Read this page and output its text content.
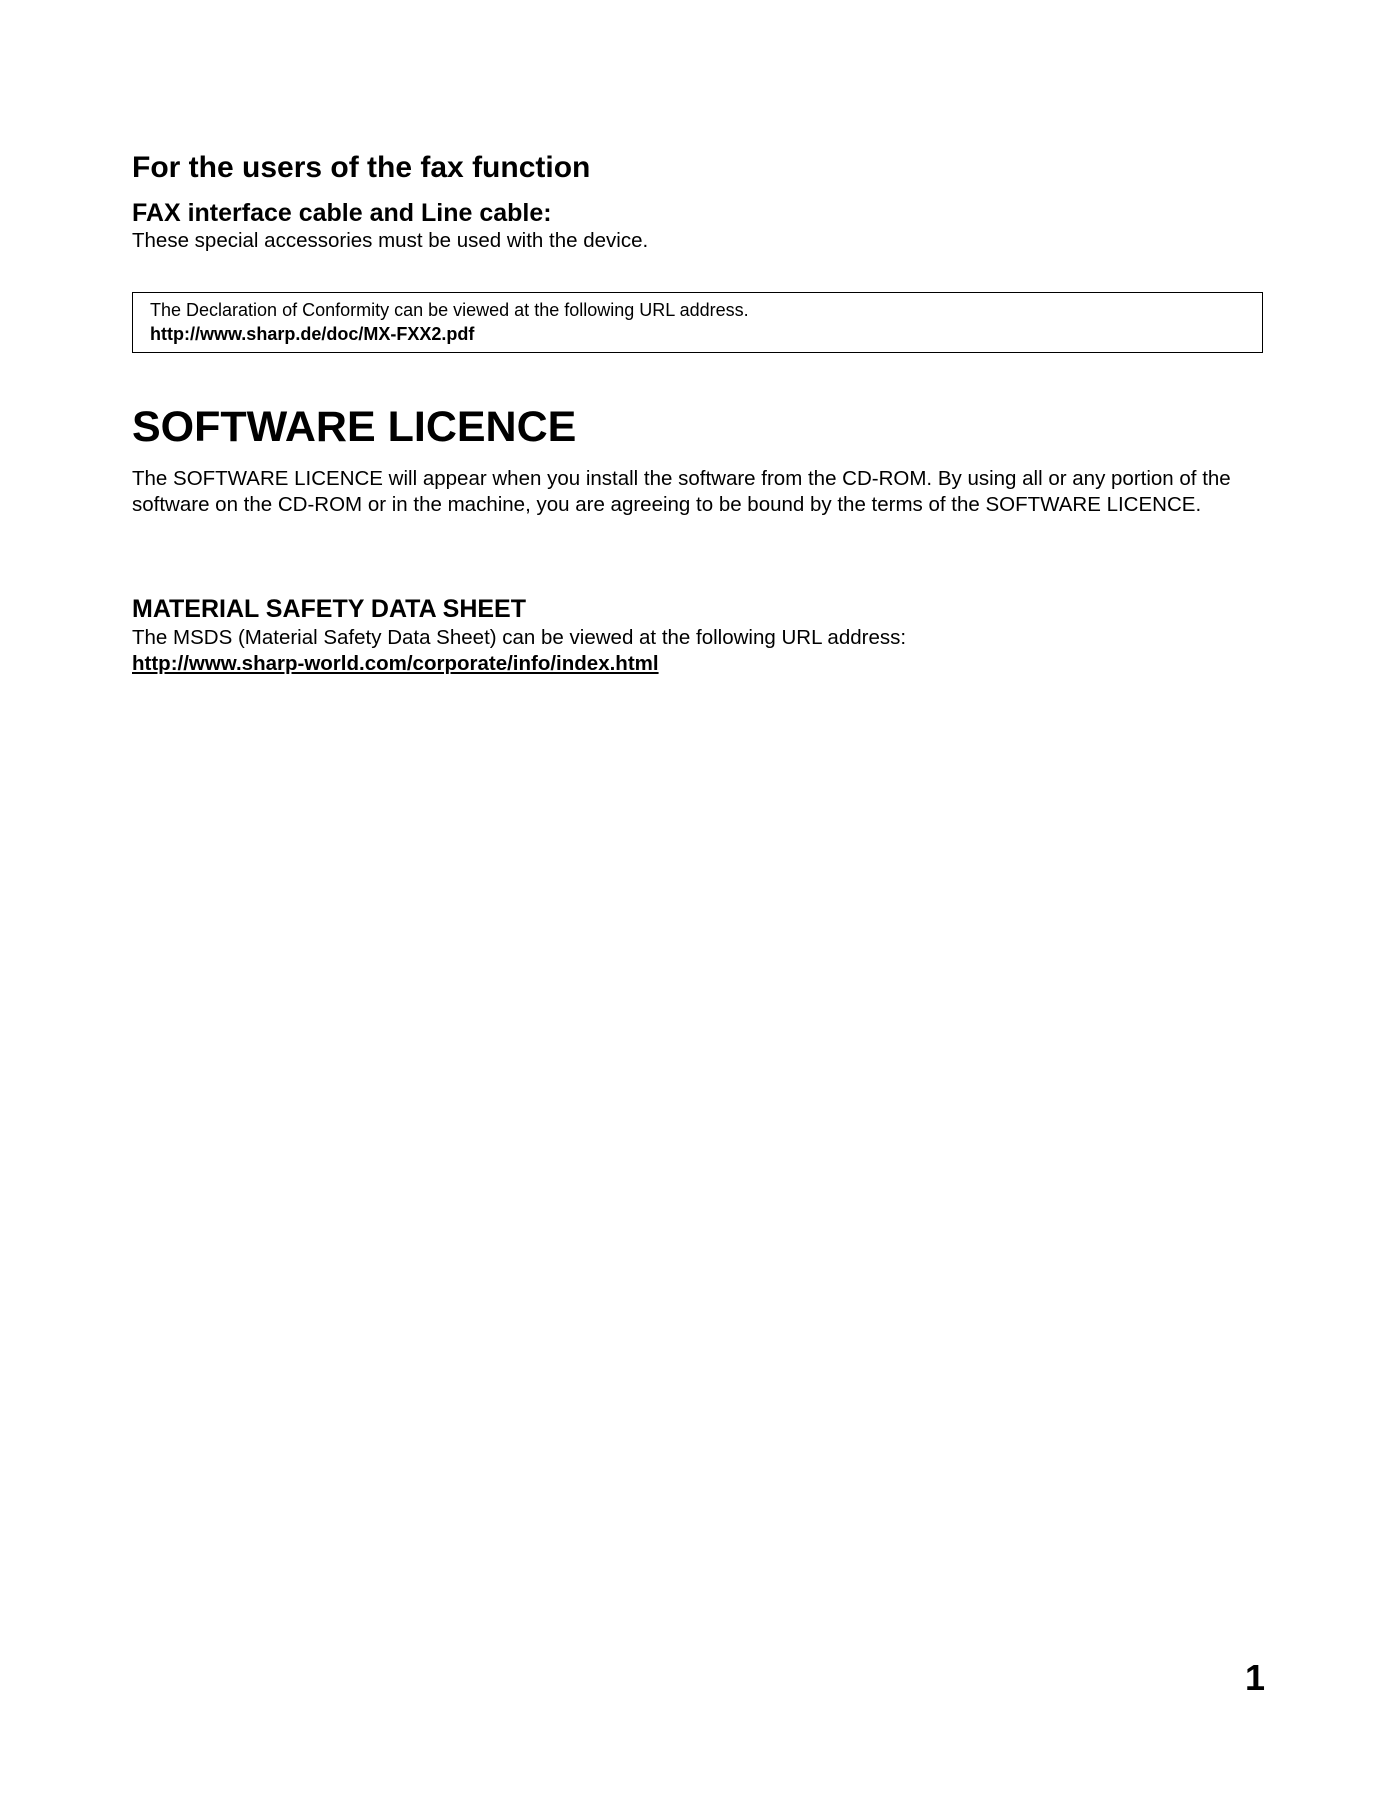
For the users of the fax function
FAX interface cable and Line cable:

These special accessories must be used with the device.

The Declaration of Conformity can be viewed at the following URL address.

http://www.sharp.de/doc/MX-FXX2.pdf

SOFTWARE LICENCE

The SOFTWARE LICENCE will appear when you install the software from the CD-ROM. By using all or any portion of the software on the CD-ROM or in the machine, you are agreeing to be bound by the terms of the SOFTWARE LICENCE.

MATERIAL SAFETY DATA SHEET

The MSDS (Material Safety Data Sheet) can be viewed at the following URL address:

http://www.sharp-world.com/corporate/info/index.html

1
